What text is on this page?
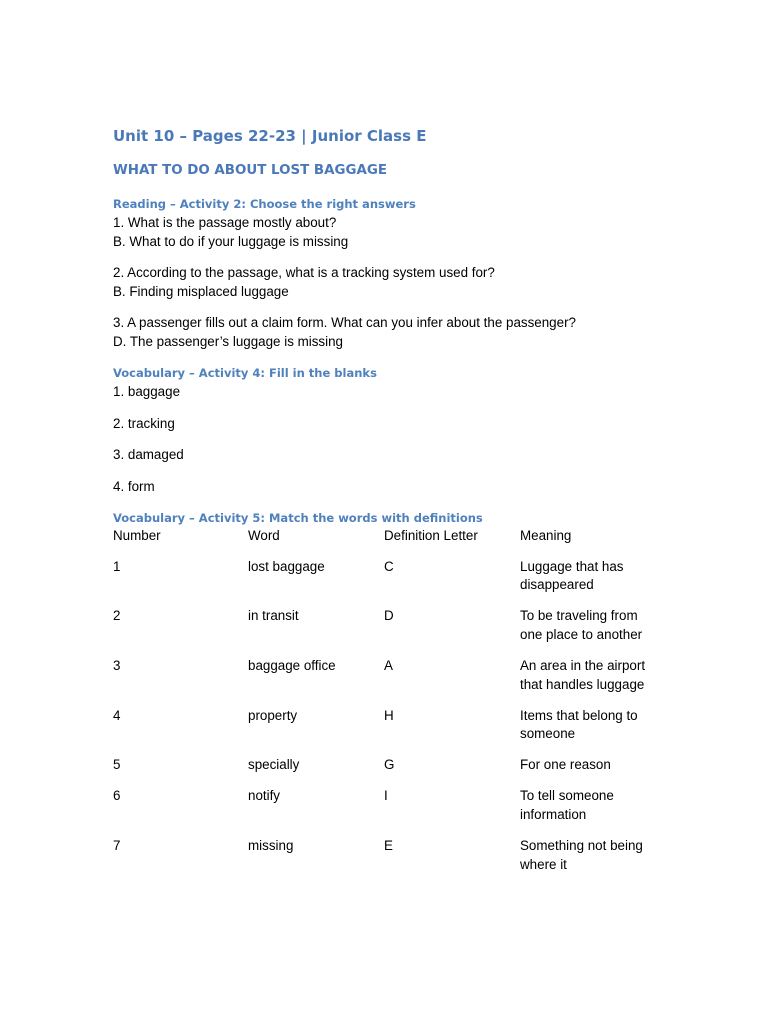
Unit 10 – Pages 22-23 | Junior Class E
WHAT TO DO ABOUT LOST BAGGAGE
Reading – Activity 2: Choose the right answers
1. What is the passage mostly about?
B. What to do if your luggage is missing
2. According to the passage, what is a tracking system used for?
B. Finding misplaced luggage
3. A passenger fills out a claim form. What can you infer about the passenger?
D. The passenger’s luggage is missing
Vocabulary – Activity 4: Fill in the blanks
1. baggage
2. tracking
3. damaged
4. form
Vocabulary – Activity 5: Match the words with definitions
Number	Word	Definition Letter	Meaning
1	lost baggage	C	Luggage that has disappeared
2	in transit	D	To be traveling from one place to another
3	baggage office	A	An area in the airport that handles luggage
4	property	H	Items that belong to someone
5	specially	G	For one reason
6	notify	I	To tell someone information
7	missing	E	Something not being where it
